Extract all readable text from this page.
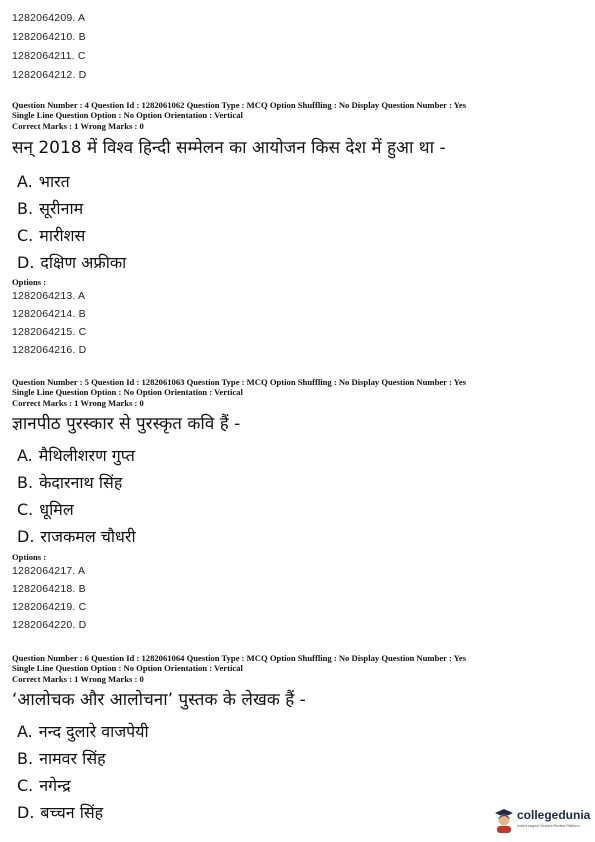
1282064209. A
1282064210. B
1282064211. C
1282064212. D
Question Number : 4 Question Id : 1282061062 Question Type : MCQ Option Shuffling : No Display Question Number : Yes
Single Line Question Option : No Option Orientation : Vertical
Correct Marks : 1 Wrong Marks : 0
सन् 2018 में विश्व हिन्दी सम्मेलन का आयोजन किस देश में हुआ था -
A. भारत
B. सूरीनाम
C. मारीशस
D. दक्षिण अफ्रीका
Options :
1282064213. A
1282064214. B
1282064215. C
1282064216. D
Question Number : 5 Question Id : 1282061063 Question Type : MCQ Option Shuffling : No Display Question Number : Yes
Single Line Question Option : No Option Orientation : Vertical
Correct Marks : 1 Wrong Marks : 0
ज्ञानपीठ पुरस्कार से पुरस्कृत कवि हैं -
A. मैथिलीशरण गुप्त
B. केदारनाथ सिंह
C. धूमिल
D. राजकमल चौधरी
Options :
1282064217. A
1282064218. B
1282064219. C
1282064220. D
Question Number : 6 Question Id : 1282061064 Question Type : MCQ Option Shuffling : No Display Question Number : Yes
Single Line Question Option : No Option Orientation : Vertical
Correct Marks : 1 Wrong Marks : 0
‘आलोचक और आलोचना’ पुस्तक के लेखक हैं -
A. नन्द दुलारे वाजपेयी
B. नामवर सिंह
C. नगेन्द्र
D. बच्चन सिंह	collegedunia
India's largest Student Review Platform
